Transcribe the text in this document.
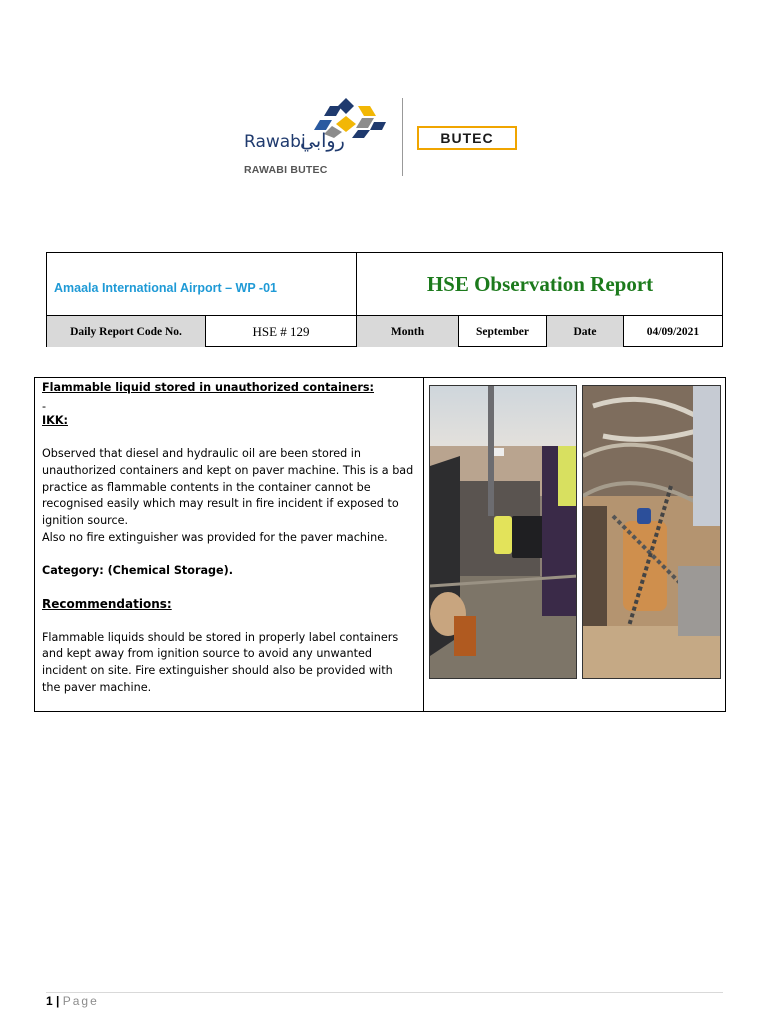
Rawabi
روابي
RAWABI BUTEC
BUTEC
Amaala International Airport – WP -01	HSE Observation Report
Daily Report Code No.	HSE # 129	Month	September	Date	04/09/2021

Flammable liquid stored in unauthorized containers:

-

IKK:

Observed that diesel and hydraulic oil are been stored in unauthorized containers and kept on paver machine. This is a bad practice as flammable contents in the container cannot be recognised easily which may result in fire incident if exposed to ignition source.

Also no fire extinguisher was provided for the paver machine.

Category: (Chemical Storage).

Recommendations:

Flammable liquids should be stored in properly label containers and kept away from ignition source to avoid any unwanted incident on site. Fire extinguisher should also be provided with the paver machine.

1 | Page
